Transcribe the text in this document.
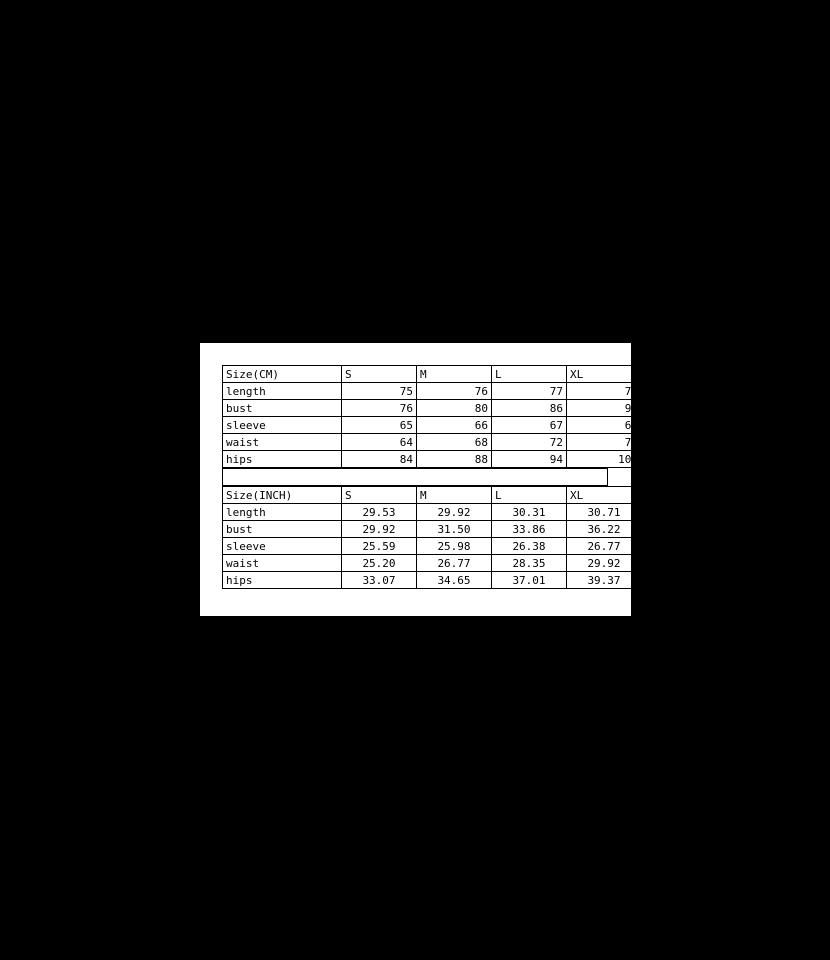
Size(CM)	S	M	L	XL
length	75	76	77	78
bust	76	80	86	92
sleeve	65	66	67	68
waist	64	68	72	76
hips	84	88	94	100

Size(INCH)	S	M	L	XL
length	29.53	29.92	30.31	30.71
bust	29.92	31.50	33.86	36.22
sleeve	25.59	25.98	26.38	26.77
waist	25.20	26.77	28.35	29.92
hips	33.07	34.65	37.01	39.37
